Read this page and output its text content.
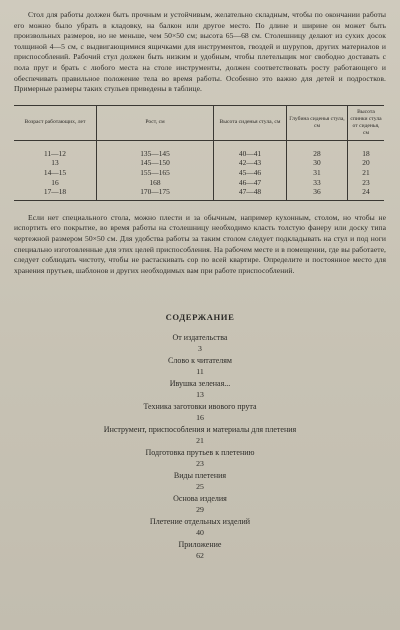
Стол для работы должен быть прочным и устойчивым, желательно складным, чтобы по окончании работы его можно было убрать в кладовку, на балкон или другое место. По длине и ширине он может быть произвольных размеров, но не меньше, чем 50×50 см; высота 65—68 см. Столешницу делают из сухих досок толщиной 4—5 см, с выдвигающимися ящичками для инструментов, гвоздей и шурупов, других материалов и приспособлений. Рабочий стул должен быть низким и удобным, чтобы плетельщик мог свободно доставать с пола прут и брать с любого места на столе инструменты, должен соответствовать росту работающего и обеспечивать правильное положение тела во время работы. Особенно это важно для детей и подростков. Примерные размеры таких стульев приведены в таблице.

Возраст работающих, лет	Рост, см	Высота сиденья стула, см	Глубина сиденья стула, см	Высота спинки стула от сиденья, см
11—12	135—145	40—41	28	18
13	145—150	42—43	30	20
14—15	155—165	45—46	31	21
16	168	46—47	33	23
17—18	170—175	47—48	36	24

Если нет специального стола, можно плести и за обычным, например кухонным, столом, но чтобы не испортить его покрытие, во время работы на столешницу необходимо класть толстую фанеру или доску типа чертежной размером 50×50 см. Для удобства работы за таким столом следует подкладывать на стул и под ноги специально изготовленные для этих целей приспособления. На рабочем месте и в помещении, где вы работаете, следует соблюдать чистоту, чтобы не растаскивать сор по всей квартире. Определите и постоянное место для хранения прутьев, шаблонов и других необходимых вам при работе приспособлений.

СОДЕРЖАНИЕ
От издательства
3
Слово к читателям
11
Ивушка зеленая...
13
Техника заготовки ивового прута
16
Инструмент, приспособления и материалы для плетения
21
Подготовка прутьев к плетению
23
Виды плетения
25
Основа изделия
29
Плетение отдельных изделий
40
Приложение
62
